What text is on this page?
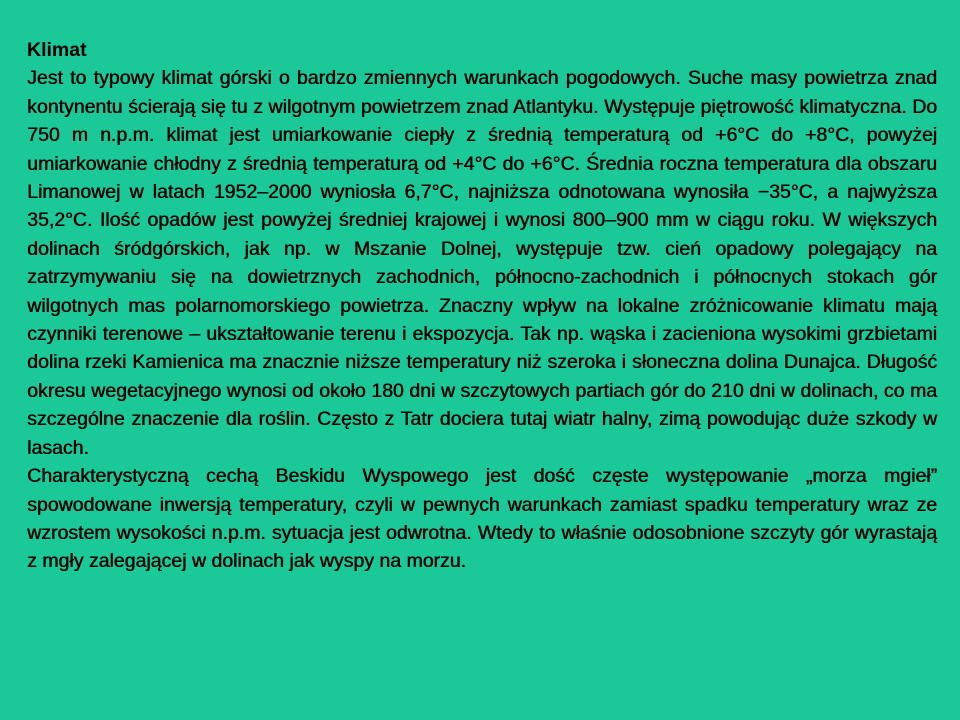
Klimat

Jest to typowy klimat górski o bardzo zmiennych warunkach pogodowych. Suche masy powietrza znad kontynentu ścierają się tu z wilgotnym powietrzem znad Atlantyku. Występuje piętrowość klimatyczna. Do 750 m n.p.m. klimat jest umiarkowanie ciepły z średnią temperaturą od +6°C do +8°C, powyżej umiarkowanie chłodny z średnią temperaturą od +4°C do +6°C. Średnia roczna temperatura dla obszaru Limanowej w latach 1952–2000 wyniosła 6,7°C, najniższa odnotowana wynosiła −35°C, a najwyższa 35,2°C. Ilość opadów jest powyżej średniej krajowej i wynosi 800–900 mm w ciągu roku. W większych dolinach śródgórskich, jak np. w Mszanie Dolnej, występuje tzw. cień opadowy polegający na zatrzymywaniu się na dowietrznych zachodnich, północno-zachodnich i północnych stokach gór wilgotnych mas polarnomorskiego powietrza. Znaczny wpływ na lokalne zróżnicowanie klimatu mają czynniki terenowe – ukształtowanie terenu i ekspozycja. Tak np. wąska i zacieniona wysokimi grzbietami dolina rzeki Kamienica ma znacznie niższe temperatury niż szeroka i słoneczna dolina Dunajca. Długość okresu wegetacyjnego wynosi od około 180 dni w szczytowych partiach gór do 210 dni w dolinach, co ma szczególne znaczenie dla roślin. Często z Tatr dociera tutaj wiatr halny, zimą powodując duże szkody w lasach.

Charakterystyczną cechą Beskidu Wyspowego jest dość częste występowanie „morza mgieł” spowodowane inwersją temperatury, czyli w pewnych warunkach zamiast spadku temperatury wraz ze wzrostem wysokości n.p.m. sytuacja jest odwrotna. Wtedy to właśnie odosobnione szczyty gór wyrastają z mgły zalegającej w dolinach jak wyspy na morzu.
